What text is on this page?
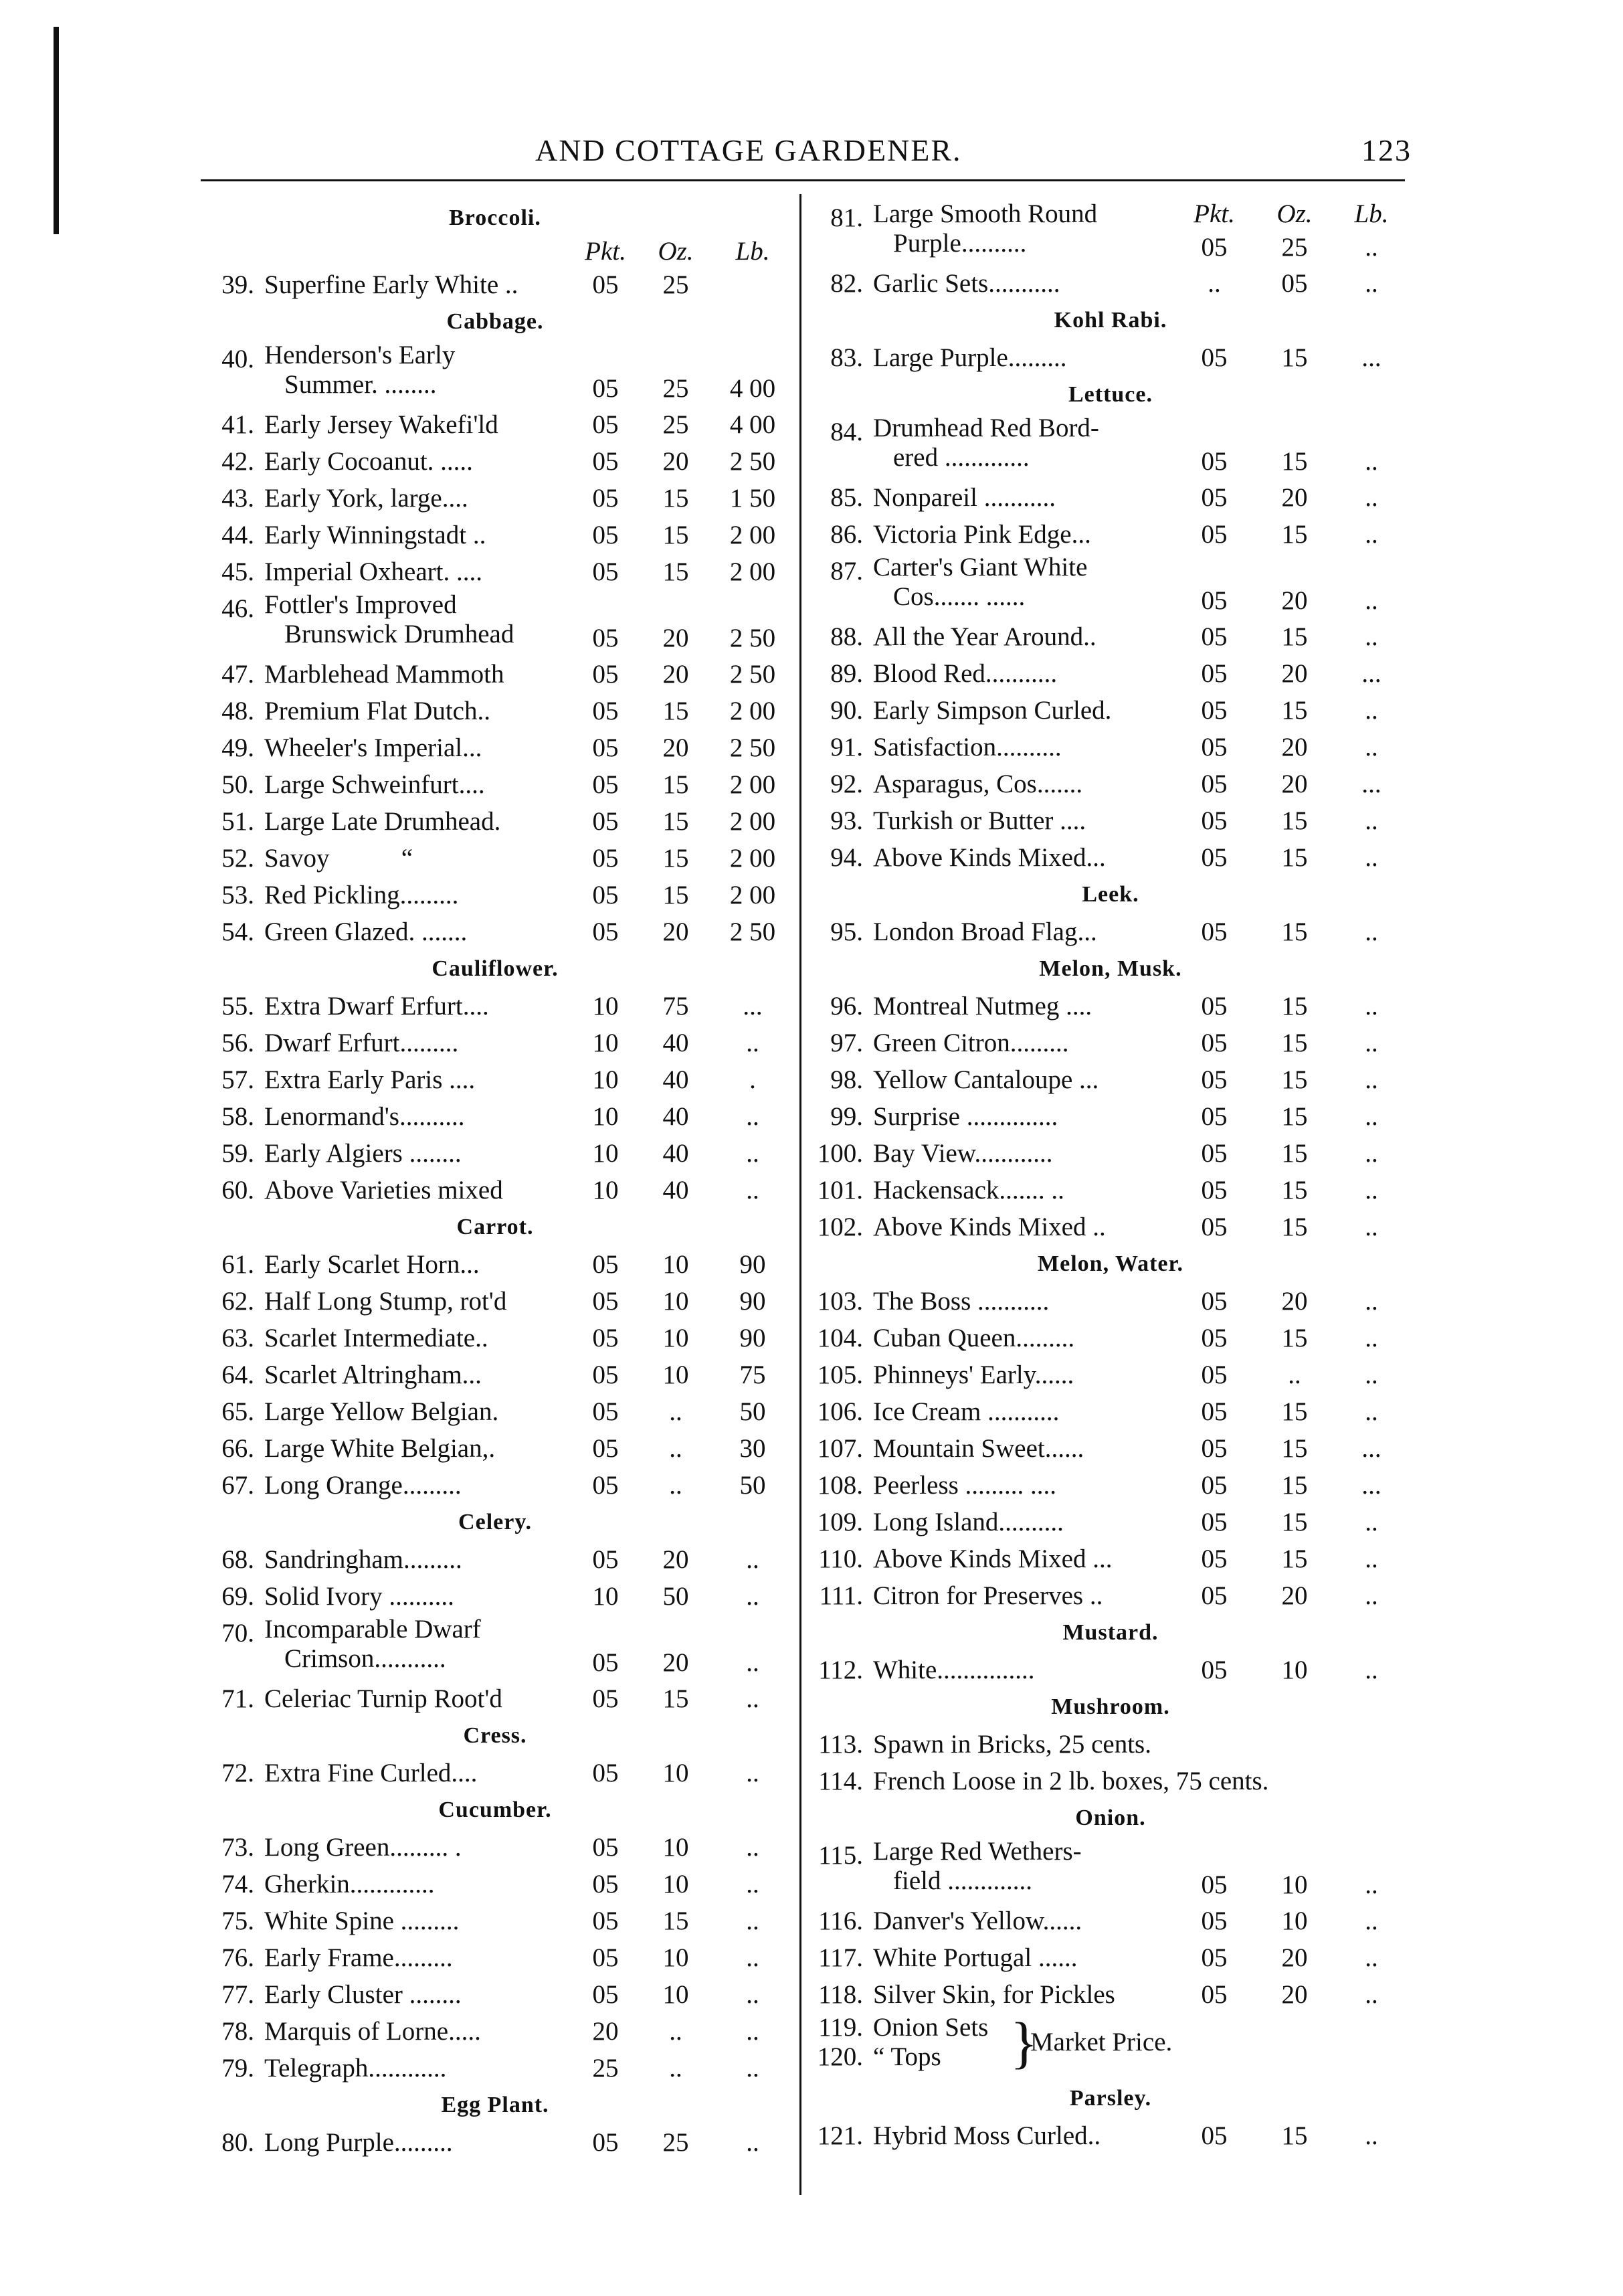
AND COTTAGE GARDENER.	123
Broccoli.
Pkt.	Oz.	Lb.
39. Superfine Early White ..	05	25
Cabbage.
40. Henderson's Early
Summer. ........	05	25	4 00
41. Early Jersey Wakefi'ld	05	25	4 00
42. Early Cocoanut. .....	05	20	2 50
43. Early York, large....	05	15	1 50
44. Early Winningstadt ..	05	15	2 00
45. Imperial Oxheart. ....	05	15	2 00
46. Fottler's Improved
Brunswick Drumhead	05	20	2 50
47. Marblehead Mammoth	05	20	2 50
48. Premium Flat Dutch..	05	15	2 00
49. Wheeler's Imperial...	05	20	2 50
50. Large Schweinfurt....	05	15	2 00
51. Large Late Drumhead.	05	15	2 00
52. Savoy           “	05	15	2 00
53. Red Pickling.........	05	15	2 00
54. Green Glazed. .......	05	20	2 50
Cauliflower.
55. Extra Dwarf Erfurt....	10	75	...
56. Dwarf Erfurt.........	10	40	..
57. Extra Early Paris ....	10	40	.
58. Lenormand's..........	10	40	..
59. Early Algiers ........	10	40	..
60. Above Varieties mixed	10	40	..
Carrot.
61. Early Scarlet Horn...	05	10	90
62. Half Long Stump, rot'd	05	10	90
63. Scarlet Intermediate..	05	10	90
64. Scarlet Altringham...	05	10	75
65. Large Yellow Belgian.	05	..	50
66. Large White Belgian,.	05	..	30
67. Long Orange.........	05	..	50
Celery.
68. Sandringham.........	05	20	..
69. Solid Ivory ..........	10	50	..
70. Incomparable Dwarf
Crimson...........	05	20	..
71. Celeriac Turnip Root'd	05	15	..
Cress.
72. Extra Fine Curled....	05	10	..
Cucumber.
73. Long Green......... .	05	10	..
74. Gherkin.............	05	10	..
75. White Spine .........	05	15	..
76. Early Frame.........	05	10	..
77. Early Cluster ........	05	10	..
78. Marquis of Lorne.....	20	..	..
79. Telegraph............	25	..	..
Egg Plant.
80. Long Purple.........	05	25	..
Pkt.	Oz.	Lb.
81. Large Smooth Round
Purple..........	05	25	..
82. Garlic Sets...........	..	05	..
Kohl Rabi.
83. Large Purple.........	05	15	...
Lettuce.
84. Drumhead Red Bord-
ered .............	05	15	..
85. Nonpareil ...........	05	20	..
86. Victoria Pink Edge...	05	15	..
87. Carter's Giant White
Cos....... ......	05	20	..
88. All the Year Around..	05	15	..
89. Blood Red...........	05	20	...
90. Early Simpson Curled.	05	15	..
91. Satisfaction..........	05	20	..
92. Asparagus, Cos.......	05	20	...
93. Turkish or Butter ....	05	15	..
94. Above Kinds Mixed...	05	15	..
Leek.
95. London Broad Flag...	05	15	..
Melon, Musk.
96. Montreal Nutmeg ....	05	15	..
97. Green Citron.........	05	15	..
98. Yellow Cantaloupe ...	05	15	..
99. Surprise ..............	05	15	..
100. Bay View............	05	15	..
101. Hackensack....... ..	05	15	..
102. Above Kinds Mixed ..	05	15	..
Melon, Water.
103. The Boss ...........	05	20	..
104. Cuban Queen.........	05	15	..
105. Phinneys' Early......	05	..	..
106. Ice Cream ...........	05	15	..
107. Mountain Sweet......	05	15	...
108. Peerless ......... ....	05	15	...
109. Long Island..........	05	15	..
110. Above Kinds Mixed ...	05	15	..
111. Citron for Preserves ..	05	20	..
Mustard.
112. White...............	05	10	..
Mushroom.
113. Spawn in Bricks, 25 cents.
114. French Loose in 2 lb. boxes, 75 cents.
Onion.
115. Large Red Wethers-
field .............	05	10	..
116. Danver's Yellow......	05	10	..
117. White Portugal ......	05	20	..
118. Silver Skin, for Pickles	05	20	..
119. Onion Sets
120. “ Tops }
Market Price.
Parsley.
121. Hybrid Moss Curled..	05	15	..
